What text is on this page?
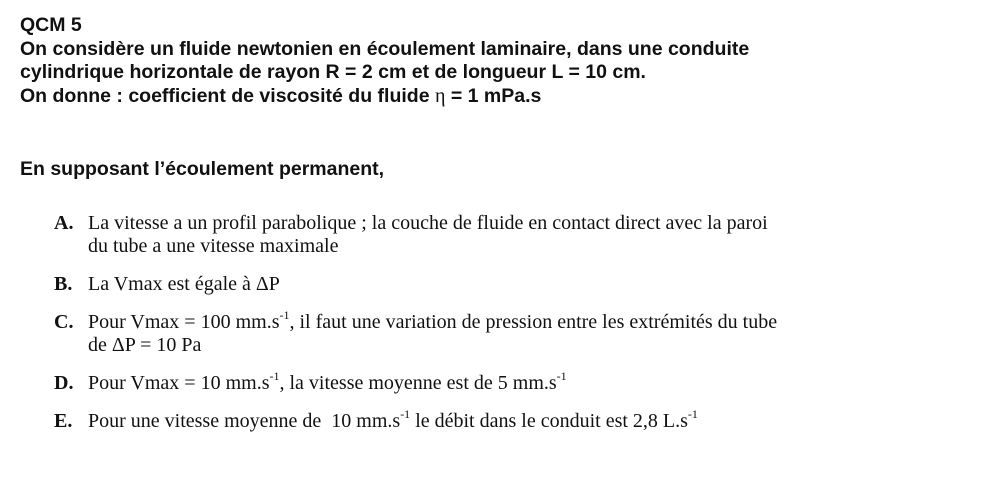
QCM 5
On considère un fluide newtonien en écoulement laminaire, dans une conduite
cylindrique horizontale de rayon R = 2 cm et de longueur L = 10 cm.
On donne : coefficient de viscosité du fluide η = 1 mPa.s
En supposant l’écoulement permanent,
A. La vitesse a un profil parabolique ; la couche de fluide en contact direct avec la paroi
du tube a une vitesse maximale
B. La Vmax est égale à ΔP
C. Pour Vmax = 100 $mm.s^{-1}$, il faut une variation de pression entre les extrémités du tube
de ΔP = 10 Pa
D. Pour Vmax = 10 $mm.s^{-1}$, la vitesse moyenne est de 5 $mm.s^{-1}$
E. Pour une vitesse moyenne de  10 $mm.s^{-1}$ le débit dans le conduit est 2,8 $L.s^{-1}$
